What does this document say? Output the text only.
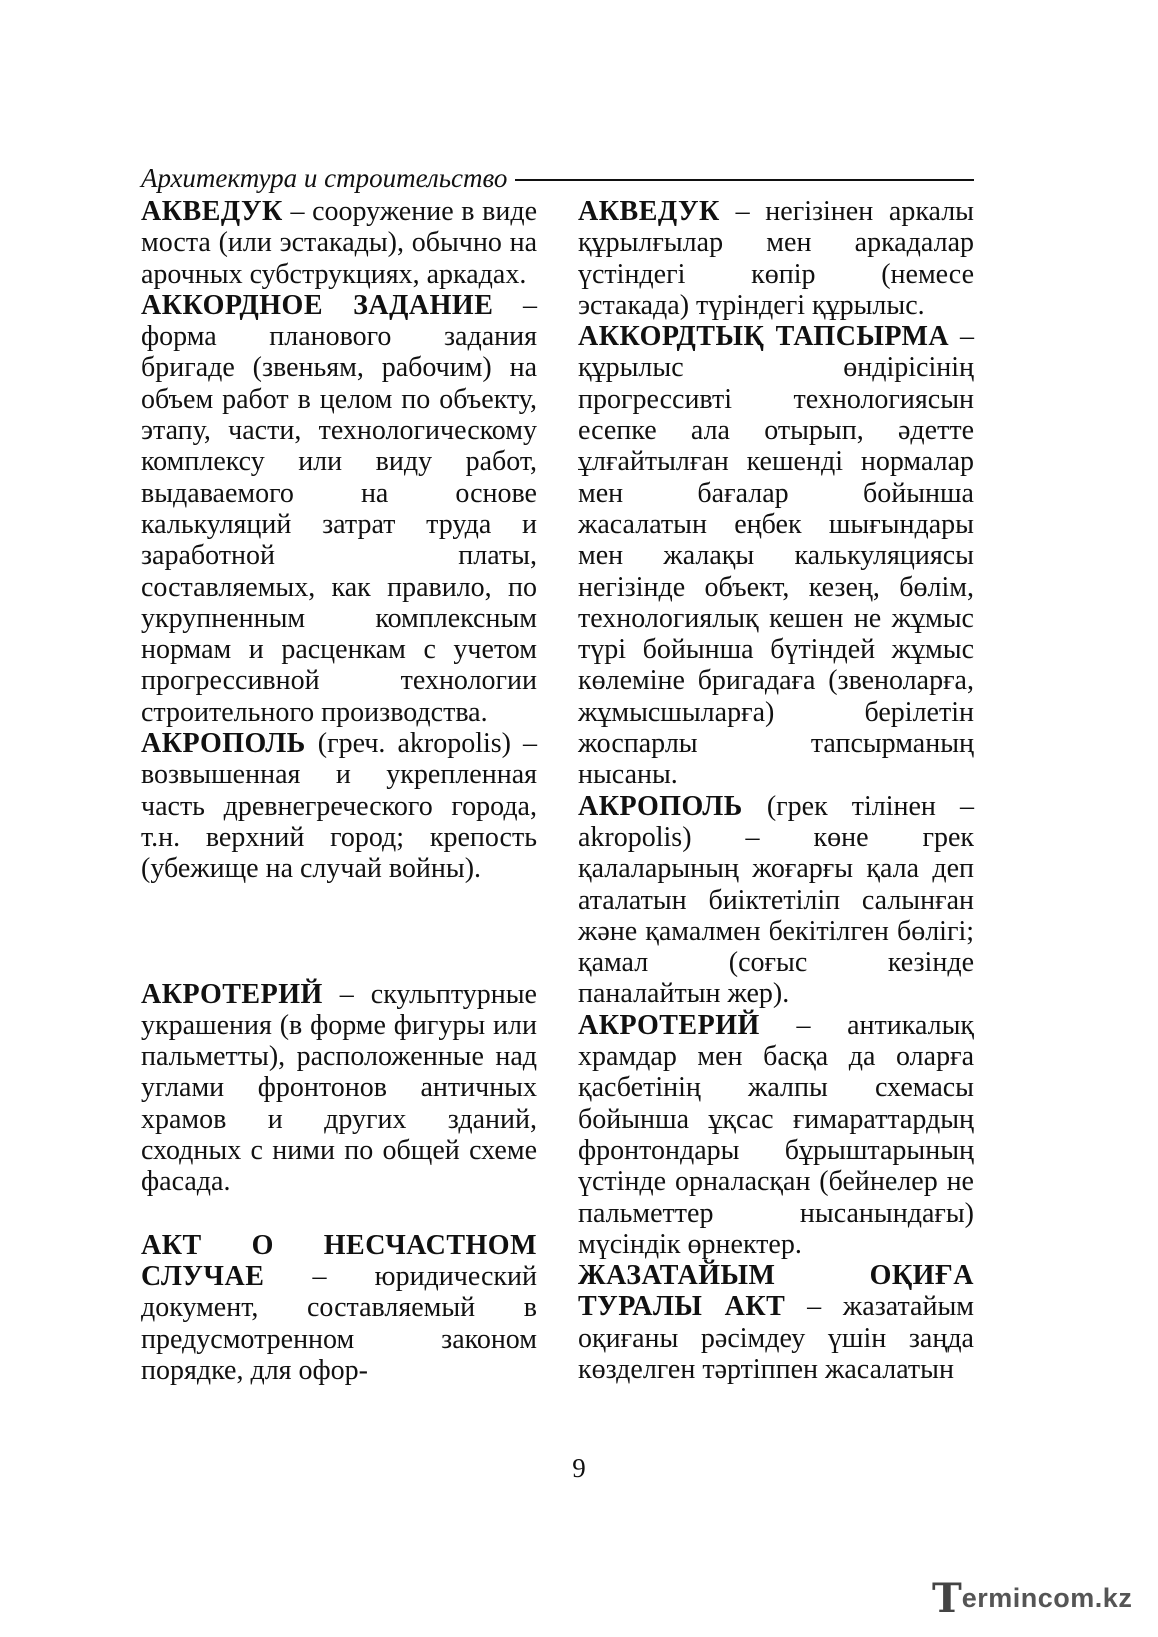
Архитектура и строительство

АКВЕДУК – сооружение в виде моста (или эстакады), обычно на арочных субструкциях, аркадах.

АККОРДНОЕ ЗАДАНИЕ – форма планового задания бригаде (звеньям, рабочим) на объем работ в целом по объекту, этапу, части, технологическому комплексу или виду работ, выдаваемого на основе калькуляций затрат труда и заработной платы, составляемых, как правило, по укрупненным комплексным нормам и расценкам с учетом прогрессивной технологии строительного производства.

АКРОПОЛЬ (греч. akropolis) – возвышенная и укрепленная часть древнегреческого города, т.н. верхний город; крепость (убежище на случай войны).

АКРОТЕРИЙ – скульптурные украшения (в форме фигуры или пальметты), расположенные над углами фронтонов античных храмов и других зданий, сходных с ними по общей схеме фасада.

АКТ О НЕСЧАСТНОМ СЛУЧАЕ – юридический документ, составляемый в предусмотренном законом порядке, для офор-

АКВЕДУК – негізінен аркалы құрылғылар мен аркадалар үстіндегі көпір (немесе эстакада) түріндегі құрылыс.

АККОРДТЫҚ ТАПСЫРМА – құрылыс өндірісінің прогрессивті технологиясын есепке ала отырып, әдетте ұлғайтылған кешенді нормалар мен бағалар бойынша жасалатын еңбек шығындары мен жалақы калькуляциясы негізінде объект, кезең, бөлім, технологиялық кешен не жұмыс түрі бойынша бүтіндей жұмыс көлеміне бригадаға (звеноларға, жұмысшыларға) берілетін жоспарлы тапсырманың нысаны.

АКРОПОЛЬ (грек тілінен – akropolis) – көне грек қалаларының жоғарғы қала деп аталатын биіктетіліп салынған және қамалмен бекітілген бөлігі; қамал (соғыс кезінде паналайтын жер).

АКРОТЕРИЙ – антикалық храмдар мен басқа да оларға қасбетінің жалпы схемасы бойынша ұқсас ғимараттардың фронтондары бұрыштарының үстінде орналасқан (бейнелер не пальметтер нысанындағы) мүсіндік өрнектер.

ЖАЗАТАЙЫМ ОҚИҒА ТУРАЛЫ АКТ – жазатайым оқиғаны рәсімдеу үшін заңда көзделген тәртіппен жасалатын

9
T ermincom.kz
